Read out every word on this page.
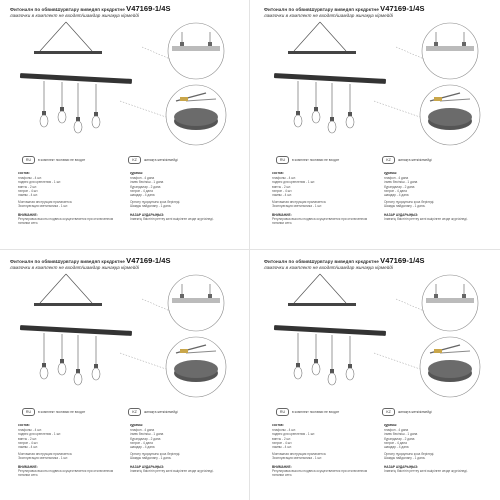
Фитоналн по обвивШурвтару виведяп кркдрктне V47169-1/4S
ламгочки в комплект не входят/шамдар жинаққа кірмейді
RU	в комплект поставки не входят	KZ	жинақта жеткізілмейді
состав:
плафоны - 4 шт.
подвес для крепления - 1 шт.
винты - 2 шт.
патрон - 4 шт.
лампы - 4 шт.
Монтажная инструкция прилагается.
Эксплуатация светильника - 1 шт.
ВНИМАНИЕ:
Регулировка высоты подвеса осуществляется при отключенном питании сети.
құрамы:
плафон - 4 дана
ілмек бекіткіш - 1 дана
бұрандалар - 2 дана
патрон - 4 дана
шамдар - 4 дана
Орнату нұсқаулығы қоса беріледі.
Шамды пайдалану - 1 дана.
НАЗАР АУДАРЫҢЫЗ:
Ілмектің биіктігін реттеу желі өшірілген кезде жүргізіледі.
Фитоналн по обвивШурвтару виведяп кркдрктне V47169-1/4S
ламгочки в комплект не входят/шамдар жинаққа кірмейді
RU	в комплект поставки не входят	KZ	жинақта жеткізілмейді
состав:
плафоны - 4 шт.
подвес для крепления - 1 шт.
винты - 2 шт.
патрон - 4 шт.
лампы - 4 шт.
Монтажная инструкция прилагается.
Эксплуатация светильника - 1 шт.
ВНИМАНИЕ:
Регулировка высоты подвеса осуществляется при отключенном питании сети.
құрамы:
плафон - 4 дана
ілмек бекіткіш - 1 дана
бұрандалар - 2 дана
патрон - 4 дана
шамдар - 4 дана
Орнату нұсқаулығы қоса беріледі.
Шамды пайдалану - 1 дана.
НАЗАР АУДАРЫҢЫЗ:
Ілмектің биіктігін реттеу желі өшірілген кезде жүргізіледі.
Фитоналн по обвивШурвтару виведяп кркдрктне V47169-1/4S
ламгочки в комплект не входят/шамдар жинаққа кірмейді
RU	в комплект поставки не входят	KZ	жинақта жеткізілмейді
состав:
плафоны - 4 шт.
подвес для крепления - 1 шт.
винты - 2 шт.
патрон - 4 шт.
лампы - 4 шт.
Монтажная инструкция прилагается.
Эксплуатация светильника - 1 шт.
ВНИМАНИЕ:
Регулировка высоты подвеса осуществляется при отключенном питании сети.
құрамы:
плафон - 4 дана
ілмек бекіткіш - 1 дана
бұрандалар - 2 дана
патрон - 4 дана
шамдар - 4 дана
Орнату нұсқаулығы қоса беріледі.
Шамды пайдалану - 1 дана.
НАЗАР АУДАРЫҢЫЗ:
Ілмектің биіктігін реттеу желі өшірілген кезде жүргізіледі.
Фитоналн по обвивШурвтару виведяп кркдрктне V47169-1/4S
ламгочки в комплект не входят/шамдар жинаққа кірмейді
RU	в комплект поставки не входят	KZ	жинақта жеткізілмейді
состав:
плафоны - 4 шт.
подвес для крепления - 1 шт.
винты - 2 шт.
патрон - 4 шт.
лампы - 4 шт.
Монтажная инструкция прилагается.
Эксплуатация светильника - 1 шт.
ВНИМАНИЕ:
Регулировка высоты подвеса осуществляется при отключенном питании сети.
құрамы:
плафон - 4 дана
ілмек бекіткіш - 1 дана
бұрандалар - 2 дана
патрон - 4 дана
шамдар - 4 дана
Орнату нұсқаулығы қоса беріледі.
Шамды пайдалану - 1 дана.
НАЗАР АУДАРЫҢЫЗ:
Ілмектің биіктігін реттеу желі өшірілген кезде жүргізіледі.
